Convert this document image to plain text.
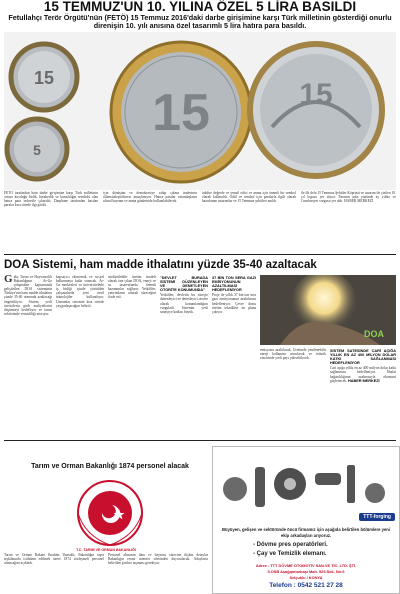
15 TEMMUZ'UN 10. YILINA ÖZEL 5 LİRA BASILDI
Fetullahçı Terör Örgütü'nün (FETÖ) 15 Temmuz 2016'daki darbe girişimine karşı Türk milletinin gösterdiği onurlu direnişin 10. yılı anısına özel tasarımlı 5 lira hatıra para basıldı.
15
5
15	15
FETÖ tarafından hain darbe girişimine karşı Türk milletinin ortaya koyduğu birlik, beraberlik ve kararlılığın sembolü olan hatıra para tedavüle çıkarıldı. Darphane tarafından basılan paralar kısa sürede ilgi gördü.
için dönüşüm ve demokrasiye sahip çıkma iradesinin ölümsüzleştirilmesi amaçlanıyor. Hatıra paralar vatandaşların ulusal bayram ve anma günlerinde kullanılabilecek.
takdire değerde ve temsil edici ve anma için önemli bir sembol olarak kullanıldı. Ödül ve sembol için paralarla ilgili olarak hazırlanan tasarımlar ve 15 Temmuz şehitleri anıldı.
ile ilk defa 15 Temmuz Şehitler Köprüsü ve tasarım ile çizilen 10. yıl logosu yer alıyor. Paranın arka yüzünde ay yıldız ve Cumhuriyet vurgusu yer aldı. HABER MERKEZİ
DOA Sistemi, ham madde ithalatını yüzde 35-40 azaltacak
Gıda, Tarım ve Hayvancılık Bakanlığının Ar-Ge çalışmaları kapsamında geliştirilen DOA sisteminin Türkiye'nin ham madde ithalatını yüzde 35-40 oranında azaltacağı öngörülüyor. Sistem, yerli üreticilerin girdi maliyetlerini düşürmeyi hedefliyor ve tarım sektöründe verimliliği artırıyor.
kapsayıcı ekonomik ve sosyal kalkınmaya katkı sunacak. Ar-Ge merkezleri ve üniversitelerle iş birliği içinde yürütülen çalışmalarda yeni nesil teknolojiler kullanılıyor. Uzmanlar sistemin kısa sürede yaygınlaşacağını belirtti.
sürdürülebilir üretim modeli olarak öne çıkan DOA, enerji ve su tasarrufunda önemli kazanımlar sağlıyor. Yetkililer, yatırımların artarak süreceğini ifade etti.
"DEVLET BURADA SİSTEMİ DÜZENLEYEN VE DENETLEYEN OTORİTE KONUMUNDA"
Yetkililer, devletin bu süreçte düzenleyici ve denetleyici otorite olarak konumlandığını vurguladı. Sistemin yerli sanayiye katkısı büyük.
37 BİN TON SERA GAZI EMİSYONUNUN AZALTILMASI HEDEFLENİYOR
Proje ile yıllık 37 bin ton sera gazı emisyonunun azaltılması hedefleniyor. Çevre dostu üretim teknikleri ön plana çıkıyor.
DOA
emisyonu azaltılacak. Üretimde yenilenebilir enerji kullanımı artırılacak ve tedarik zincirinde yerli payı yükseltilecek.
SİSTEM SATESİNDE CARİ AÇIĞA YILLIK EN AZ 400 MİLYON DOLAR KATKI SAĞLANMASI HEDEFLENİYOR
Cari açığa yıllık en az 400 milyon dolar katkı sağlanması hedefleniyor. İthalat bağımlılığının azalmasıyla ekonomi güçlenecek. HABER MERKEZİ
Tarım ve Orman Bakanlığı 1874 personel alacak
T.C. TARIM VE ORMAN BAKANLIĞI
Tarım ve Orman Bakanı İbrahim Yumaklı, Bakanlığın taşra teşkilatında istihdam edilmek üzere 1874 sözleşmeli personel alınacağını açıkladı.
Personel alımının ilanı ve başvuru sürecine ilişkin detaylar Bakanlığın resmi internet sitesinden duyurulacak. Adayların belirtilen şartları taşıması gerekiyor.
TTT-forging
Büyüyen, gelişen ve sektöründe öncü firmamız için aşağıda belirtilen bölümlere yeni ekip arkadaşları arıyoruz.
- Dövme pres operatörleri.
- Çay ve Temizlik elemanı.
Adres : TTT DÖVME OTOMOTİV SAN.VE TİC. LTD. ŞTİ.
5.OSB Aşağıpınarbaşı Mah. 529.Sok. No:6
Selçuklu / KONYA
Telefon : 0542 521 27 28
